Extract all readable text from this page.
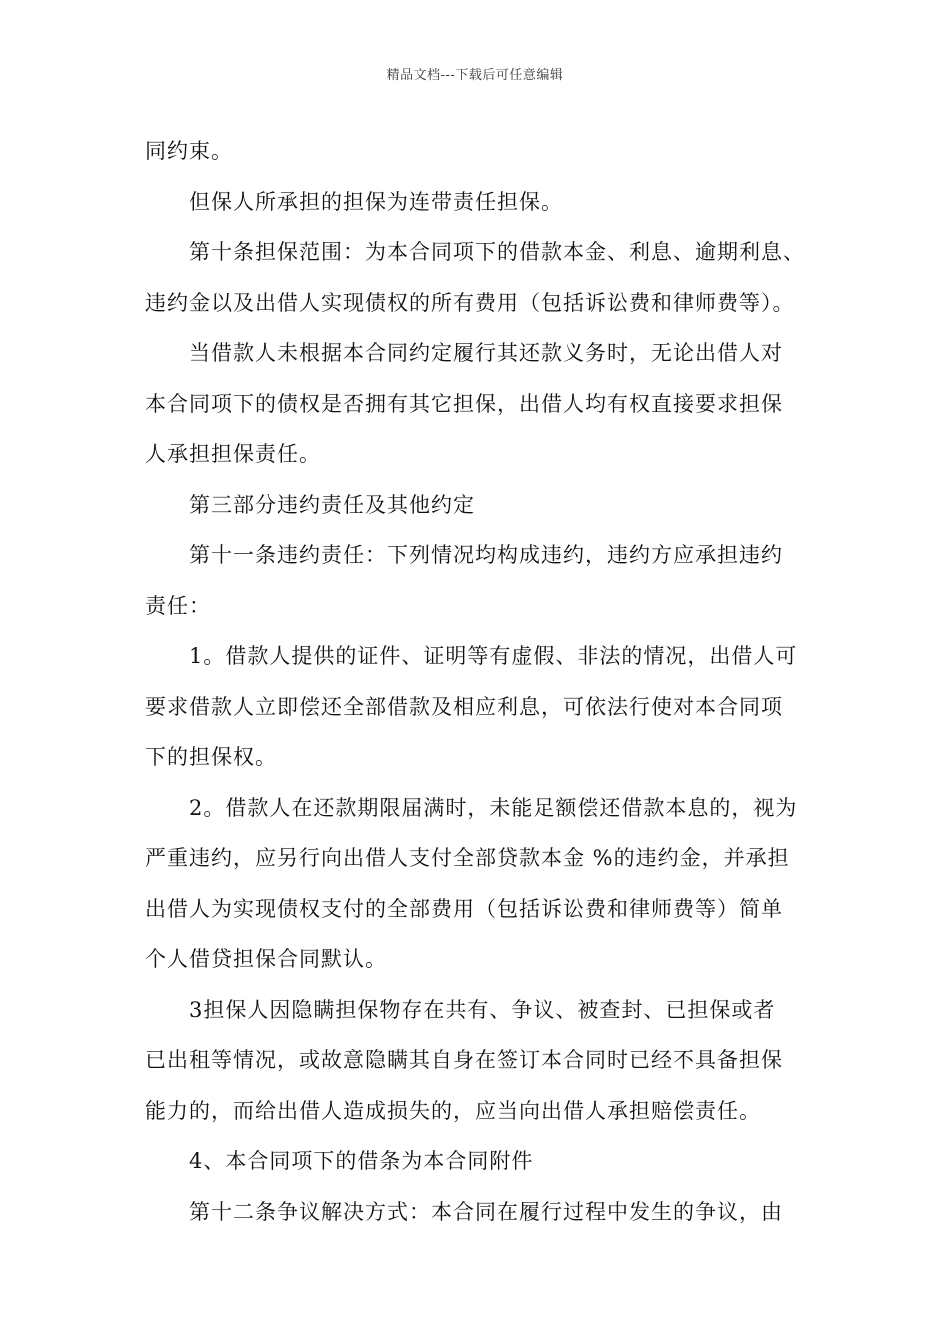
精品文档---下载后可任意编辑
同约束。
但保人所承担的担保为连带责任担保。
第十条担保范围：为本合同项下的借款本金、利息、逾期利息、
违约金以及出借人实现债权的所有费用（包括诉讼费和律师费等）。
当借款人未根据本合同约定履行其还款义务时，无论出借人对
本合同项下的债权是否拥有其它担保，出借人均有权直接要求担保
人承担担保责任。
第三部分违约责任及其他约定
第十一条违约责任：下列情况均构成违约，违约方应承担违约
责任：
1。借款人提供的证件、证明等有虚假、非法的情况，出借人可
要求借款人立即偿还全部借款及相应利息，可依法行使对本合同项
下的担保权。
2。借款人在还款期限届满时，未能足额偿还借款本息的，视为
严重违约，应另行向出借人支付全部贷款本金 %的违约金，并承担
出借人为实现债权支付的全部费用（包括诉讼费和律师费等）简单
个人借贷担保合同默认。
3担保人因隐瞒担保物存在共有、争议、被查封、已担保或者
已出租等情况，或故意隐瞒其自身在签订本合同时已经不具备担保
能力的，而给出借人造成损失的，应当向出借人承担赔偿责任。
4、本合同项下的借条为本合同附件
第十二条争议解决方式：本合同在履行过程中发生的争议，由
